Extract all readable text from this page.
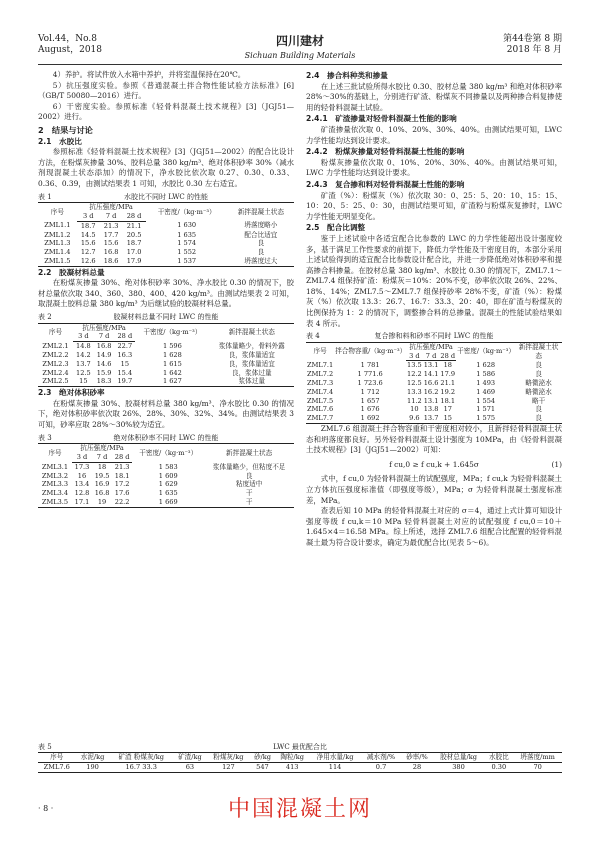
Vol.44，No.8
August，2018
四川建材
Sichuan Building Materials
第44卷第 8 期
2018 年 8 月

4）养护。将试件放入水箱中养护，并将室温保持在20℃。

5）抗压强度实验。参照《普通混凝土拌合物性能试验方法标准》[6]（GB/T 50080—2016）进行。

6）干密度实验。参照标准《轻骨料混凝土技术规程》[3]（JGJ51—2002）进行。

2　结果与讨论
2.1　水胶比

参照标准《轻骨料混凝土技术规程》[3]（JGJ51—2002）的配合比设计方法，在粉煤灰掺量 30%、胶料总量 380 kg/m³、绝对体积砂率 30%（减水剂现混凝土状态添加）的情况下，净水胶比依次取 0.27、0.30、0.33、0.36、0.39，由测试结果表 1 可知，水胶比 0.30 左右适宜。

表 1	水胶比不同时 LWC 的性能
序号	抗压强度/MPa			干密度/（kg·m⁻³）	新拌混凝土状态
	3 d	7 d	28 d		
ZML1.1	18.7	21.3	21.1	1 630	坍落度略小
ZML1.2	14.5	17.7	20.5	1 635	配合比适宜
ZML1.3	15.6	15.6	18.7	1 574	良
ZML1.4	12.7	16.8	17.0	1 552	良
ZML1.5	12.6	18.6	17.9	1 537	坍落度过大
2.2　胶凝材料总量

在粉煤灰掺量 30%、绝对体积砂率 30%、净水胶比 0.30 的情况下，胶材总量依次取 340、360、380、400、420 kg/m³。由测试结果表 2 可知，取混凝土胶料总量 380 kg/m³ 为后继试验的胶凝材料总量。

表 2	胶凝材料总量不同时 LWC 的性能
序号	抗压强度/MPa			干密度/（kg·m⁻³）	新拌混凝土状态
	3 d	7 d	28 d		
ZML2.1	14.8	16.8	22.7	1 596	浆体量略少，骨料外露
ZML2.2	14.2	14.9	16.3	1 628	良，浆体量适宜
ZML2.3	13.7	14.6	15	1 615	良，浆体量适宜
ZML2.4	12.5	15.9	15.4	1 642	良，浆体过量
ZML2.5	15	18.3	19.7	1 627	浆体过量
2.3　绝对体积砂率

在粉煤灰掺量 30%、胶凝材料总量 380 kg/m³、净水胶比 0.30 的情况下，绝对体积砂率依次取 26%、28%、30%、32%、34%。由测试结果表 3 可知，砂率应取 28%～30%较为适宜。

表 3	绝对体积砂率不同时 LWC 的性能
序号	抗压强度/MPa			干密度/（kg·m⁻³）	新拌混凝土状态
	3 d	7 d	28 d		
ZML3.1	17.3	18	21.3	1 583	浆体量略少，但粘度不足
ZML3.2	16	19.5	18.1	1 609	良
ZML3.3	13.4	16.9	17.2	1 629	粘度适中
ZML3.4	12.8	16.8	17.6	1 635	干
ZML3.5	17.1	19	22.2	1 669	干
2.4　掺合料种类和掺量

在上述三批试验所得水胶比 0.30、胶材总量 380 kg/m³ 和绝对体积砂率 28%～30%的基础上，分别进行矿渣、粉煤灰不同掺量以及两种掺合料复掺使用的轻骨料混凝土试验。

2.4.1　矿渣掺量对轻骨料混凝土性能的影响

矿渣掺量依次取 0、10%、20%、30%、40%。由测试结果可知，LWC 力学性能均达到设计要求。

2.4.2　粉煤灰掺量对轻骨料混凝土性能的影响

粉煤灰掺量依次取 0、10%、20%、30%、40%。由测试结果可知，LWC 力学性能均达到设计要求。

2.4.3　复合掺和料对轻骨料混凝土性能的影响

矿渣（%）：粉煤灰（%）依次取 30：0、25：5、20：10、15：15、10：20、5：25、0：30，由测试结果可知，矿渣粉与粉煤灰复掺时，LWC 力学性能无明显变化。

2.5　配合比调整

鉴于上述试验中各适宜配合比参数的 LWC 的力学性能超出设计强度较多，基于满足工作性要求的前提下，降低力学性能及干密度目的，本部分采用上述试验得到的适宜配合比参数设计配合比，并进一步降低绝对体积砂率和提高掺合料掺量。在胶材总量 380 kg/m³、水胶比 0.30 的情况下，ZML7.1～ZML7.4 组保持矿渣：粉煤灰＝10%：20%不变，砂率依次取 26%、22%、18%、14%；ZML7.5～ZML7.7 组保持砂率 28%不变，矿渣（%）：粉煤灰（%）依次取 13.3：26.7、16.7：33.3、20：40，即在矿渣与粉煤灰的比例保持为 1：2 的情况下，调整掺合料的总掺量。混凝土的性能试验结果如表 4 所示。

表 4	复合掺和料和砂率不同时 LWC 的性能
序号	拌合物容重/（kg·m⁻³）	抗压强度/MPa			干密度/（kg·m⁻³）	新拌混凝土状态
		3 d	7 d	28 d		
ZML7.1	1 781	13.5	13.1	18	1 628	良
ZML7.2	1 771.6	12.2	14.1	17.9	1 586	良
ZML7.3	1 723.6	12.5	16.6	21.1	1 493	略微泌水
ZML7.4	1 712	13.3	16.2	19.2	1 469	略微泌水
ZML7.5	1 657	11.2	13.1	18.1	1 554	略干
ZML7.6	1 676	10	13.8	17	1 571	良
ZML7.7	1 692	9.6	13.7	15	1 575	良

ZML7.6 组混凝土拌合物容重和干密度相对较小，且新拌轻骨料混凝土状态和坍落度都良好。另外轻骨料混凝土设计强度为 10MPa，由《轻骨料混凝土技术规程》[3]（JGJ51—2002）可知：

f cu,0 ≥ f cu,k + 1.645σ	(1)

式中，f cu,0 为轻骨料混凝土的试配强度，MPa；f cu,k 为轻骨料混凝土立方体抗压强度标准值（即强度等级），MPa；σ 为轻骨料混凝土强度标准差，MPa。

查表后知 10 MPa 的轻骨料混凝土对应的 σ＝4，通过上式计算可知设计强度等级 f cu,k＝10 MPa 轻骨料混凝土对应的试配强度 f cu,0＝10＋1.645×4＝16.58 MPa。综上所述，选择 ZML7.6 组配合比配置的轻骨料混凝土最为符合设计要求，确定为最优配合比(见表 5～6)。

表 5	LWC 最优配合比
序号	水泥/kg	矿渣 粉煤灰/kg	矿渣/kg	粉煤灰/kg	砂/kg	陶粒/kg	净用水量/kg	减水剂/%	砂率/%	胶材总量/kg	水胶比	坍落度/mm
ZML7.6	190	16.7 33.3	63	127	547	413	114	0.7	28	380	0.30	70
中国混凝土网
· 8 ·
